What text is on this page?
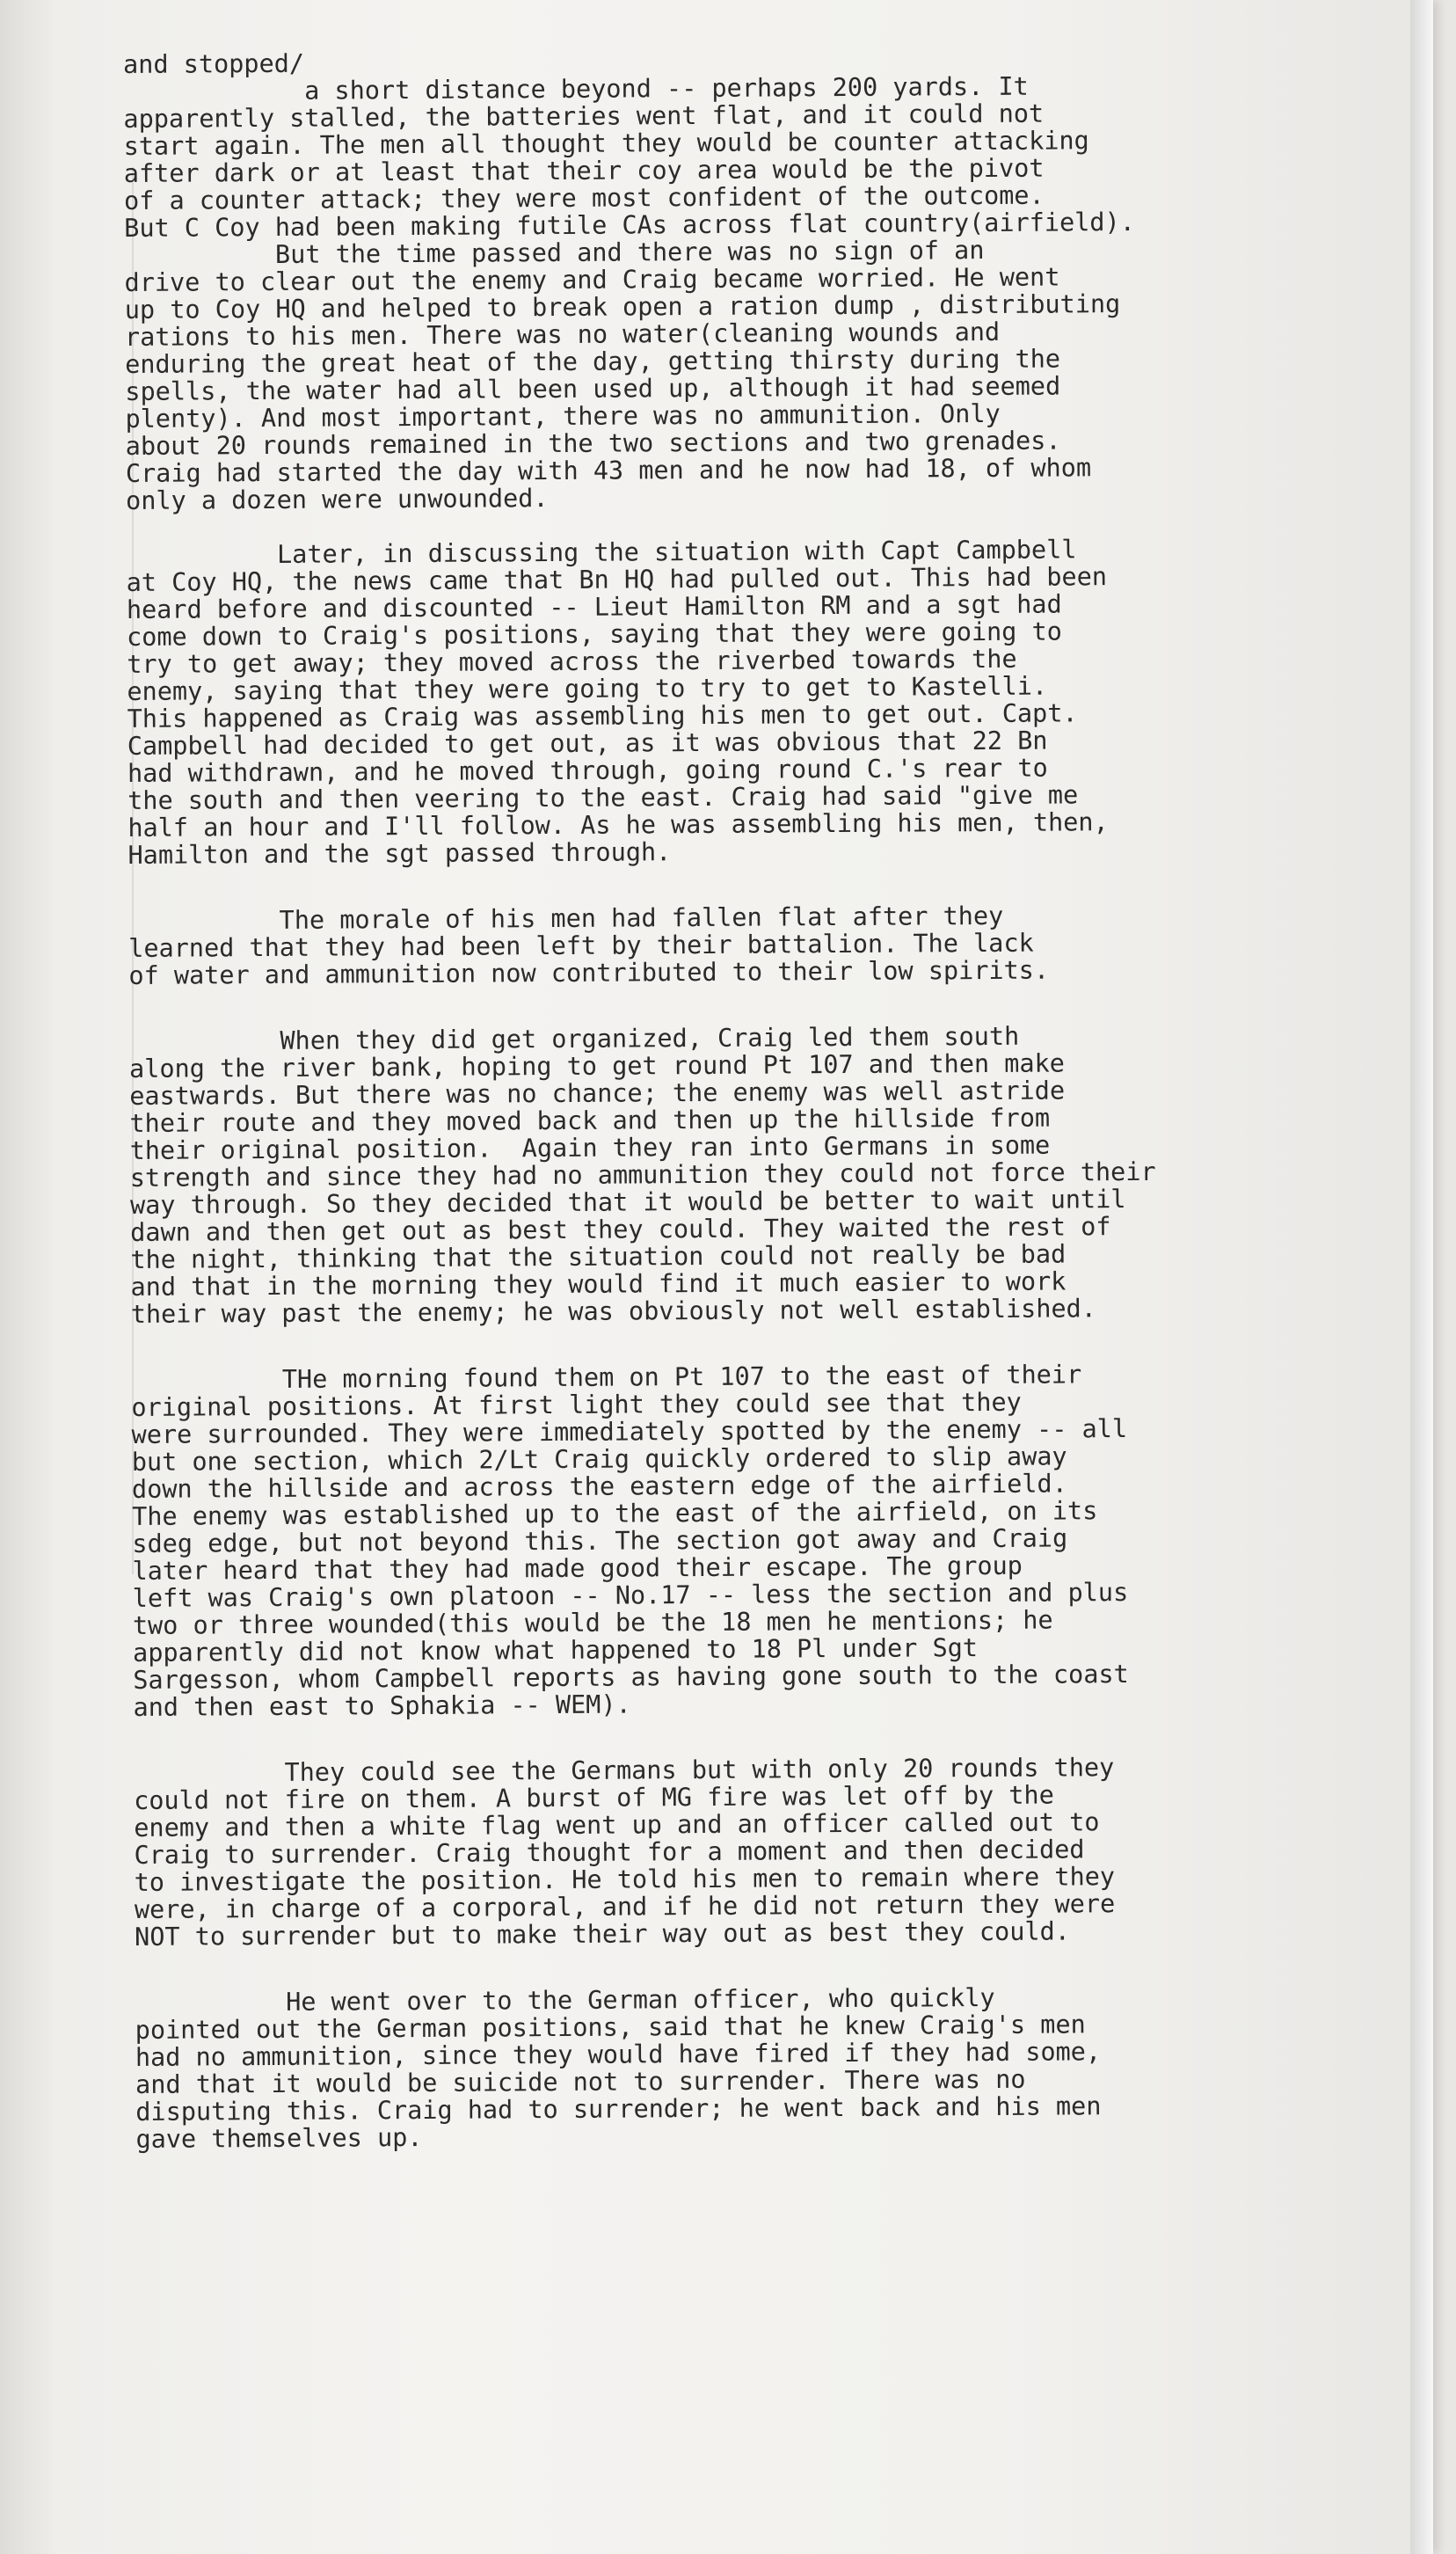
and stopped/
a short distance beyond -- perhaps 200 yards. It
apparently stalled, the batteries went flat, and it could not
start again. The men all thought they would be counter attacking
after dark or at least that their coy area would be the pivot
of a counter attack; they were most confident of the outcome.
But C Coy had been making futile CAs across flat country(airfield).
But the time passed and there was no sign of an
drive to clear out the enemy and Craig became worried. He went
up to Coy HQ and helped to break open a ration dump , distributing
rations to his men. There was no water(cleaning wounds and
enduring the great heat of the day, getting thirsty during the
spells, the water had all been used up, although it had seemed
plenty). And most important, there was no ammunition. Only
about 20 rounds remained in the two sections and two grenades.
Craig had started the day with 43 men and he now had 18, of whom
only a dozen were unwounded.
Later, in discussing the situation with Capt Campbell
at Coy HQ, the news came that Bn HQ had pulled out. This had been
heard before and discounted -- Lieut Hamilton RM and a sgt had
come down to Craig's positions, saying that they were going to
try to get away; they moved across the riverbed towards the
enemy, saying that they were going to try to get to Kastelli.
This happened as Craig was assembling his men to get out. Capt.
Campbell had decided to get out, as it was obvious that 22 Bn
had withdrawn, and he moved through, going round C.'s rear to
the south and then veering to the east. Craig had said "give me
half an hour and I'll follow. As he was assembling his men, then,
Hamilton and the sgt passed through.
The morale of his men had fallen flat after they
learned that they had been left by their battalion. The lack
of water and ammunition now contributed to their low spirits.
When they did get organized, Craig led them south
along the river bank, hoping to get round Pt 107 and then make
eastwards. But there was no chance; the enemy was well astride
their route and they moved back and then up the hillside from
their original position.  Again they ran into Germans in some
strength and since they had no ammunition they could not force their
way through. So they decided that it would be better to wait until
dawn and then get out as best they could. They waited the rest of
the night, thinking that the situation could not really be bad
and that in the morning they would find it much easier to work
their way past the enemy; he was obviously not well established.
THe morning found them on Pt 107 to the east of their
original positions. At first light they could see that they
were surrounded. They were immediately spotted by the enemy -- all
but one section, which 2/Lt Craig quickly ordered to slip away
down the hillside and across the eastern edge of the airfield.
The enemy was established up to the east of the airfield, on its
sdeg edge, but not beyond this. The section got away and Craig
later heard that they had made good their escape. The group
left was Craig's own platoon -- No.17 -- less the section and plus
two or three wounded(this would be the 18 men he mentions; he
apparently did not know what happened to 18 Pl under Sgt
Sargesson, whom Campbell reports as having gone south to the coast
and then east to Sphakia -- WEM).
They could see the Germans but with only 20 rounds they
could not fire on them. A burst of MG fire was let off by the
enemy and then a white flag went up and an officer called out to
Craig to surrender. Craig thought for a moment and then decided
to investigate the position. He told his men to remain where they
were, in charge of a corporal, and if he did not return they were
NOT to surrender but to make their way out as best they could.
He went over to the German officer, who quickly
pointed out the German positions, said that he knew Craig's men
had no ammunition, since they would have fired if they had some,
and that it would be suicide not to surrender. There was no
disputing this. Craig had to surrender; he went back and his men
gave themselves up.
